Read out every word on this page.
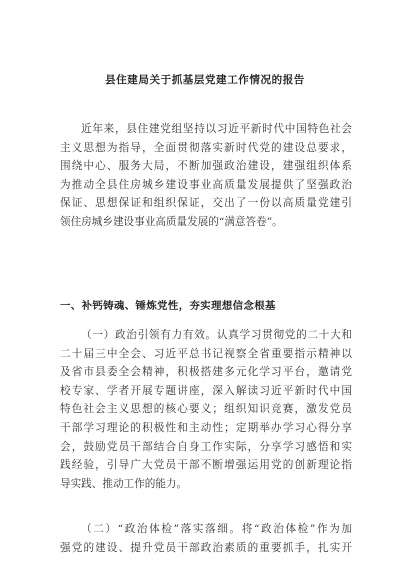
县住建局关于抓基层党建工作情况的报告
近年来，县住建党组坚持以习近平新时代中国特色社会
主义思想为指导，全面贯彻落实新时代党的建设总要求，
围绕中心、服务大局，不断加强政治建设，建强组织体系
为推动全县住房城乡建设事业高质量发展提供了坚强政治
保证、思想保证和组织保证，交出了一份以高质量党建引
领住房城乡建设事业高质量发展的“满意答卷”。
一、补钙铸魂、锤炼党性，夯实理想信念根基
（一）政治引领有力有效。认真学习贯彻党的二十大和
二十届三中全会、习近平总书记视察全省重要指示精神以
及省市县委全会精神，积极搭建多元化学习平台，邀请党
校专家、学者开展专题讲座，深入解读习近平新时代中国
特色社会主义思想的核心要义；组织知识竞赛，激发党员
干部学习理论的积极性和主动性；定期举办学习心得分享
会，鼓励党员干部结合自身工作实际，分享学习感悟和实
践经验，引导广大党员干部不断增强运用党的创新理论指
导实践、推动工作的能力。
（二）“政治体检”落实落细。将“政治体检”作为加
强党的建设、提升党员干部政治素质的重要抓手，扎实开
